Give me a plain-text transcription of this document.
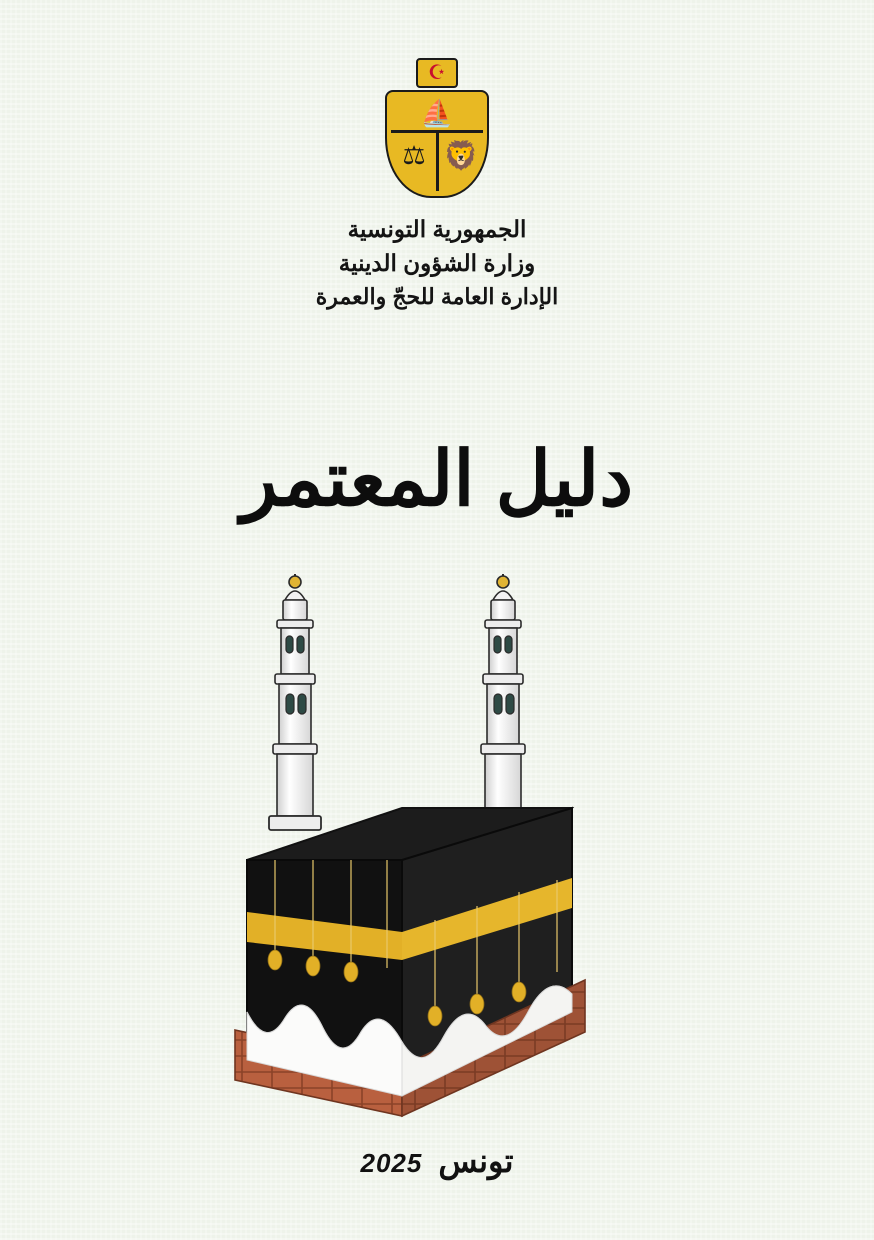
☪
⛵
⚖ 🦁
الجمهورية التونسية
وزارة الشؤون الدينية
الإدارة العامة للحجّ والعمرة
دليل المعتمر
تونس
2025
